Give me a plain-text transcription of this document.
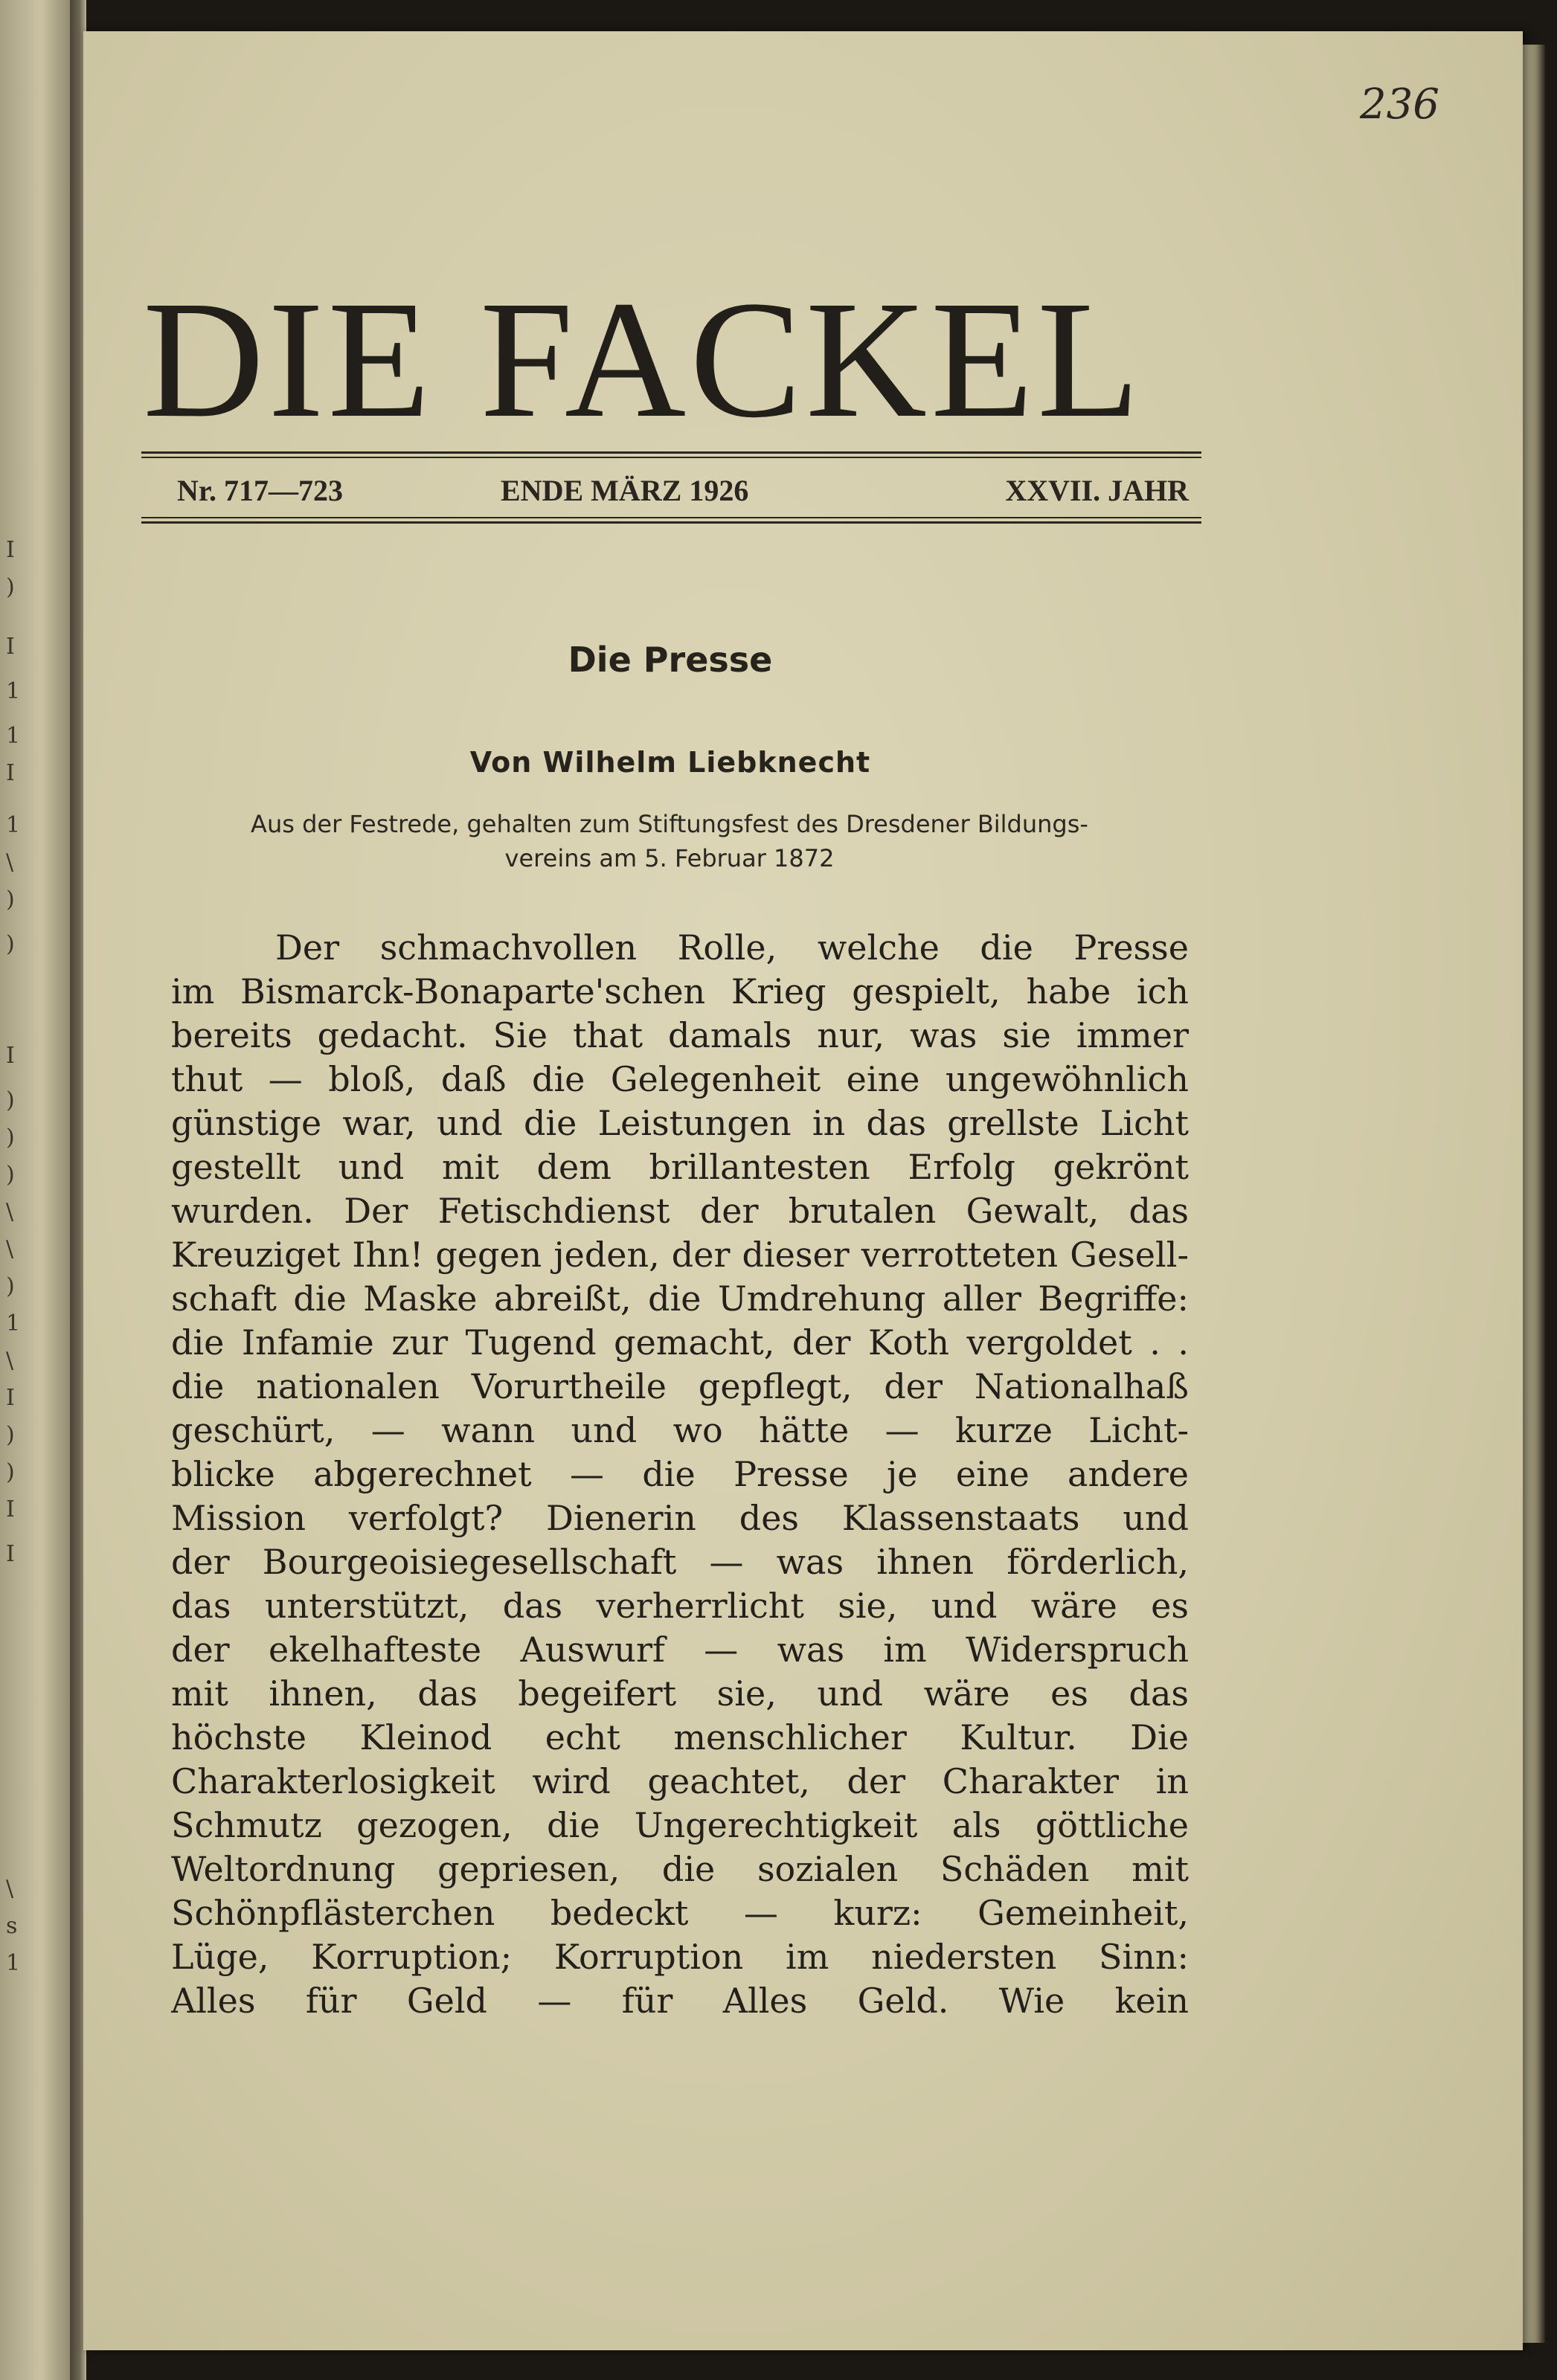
I
)
I
1
1
I
1
\
)
)
I
)
)
)
\
\
)
1
\
I
)
)
I
I
\
s
1
236
DIE FACKEL
Nr. 717—723	ENDE MÄRZ 1926	XXVII. JAHR
Die Presse
Von Wilhelm Liebknecht
Aus der Festrede, gehalten zum Stiftungsfest des Dresdener Bildungs-
vereins am 5. Februar 1872
Der schmachvollen Rolle, welche die Presse
im Bismarck-Bonaparte'schen Krieg gespielt, habe ich
bereits gedacht. Sie that damals nur, was sie immer
thut — bloß, daß die Gelegenheit eine ungewöhnlich
günstige war, und die Leistungen in das grellste Licht
gestellt und mit dem brillantesten Erfolg gekrönt
wurden. Der Fetischdienst der brutalen Gewalt, das
Kreuziget Ihn! gegen jeden, der dieser verrotteten Gesell-
schaft die Maske abreißt, die Umdrehung aller Begriffe:
die Infamie zur Tugend gemacht, der Koth vergoldet . .
die nationalen Vorurtheile gepflegt, der Nationalhaß
geschürt, — wann und wo hätte — kurze Licht-
blicke abgerechnet — die Presse je eine andere
Mission verfolgt? Dienerin des Klassenstaats und
der Bourgeoisiegesellschaft — was ihnen förderlich,
das unterstützt, das verherrlicht sie, und wäre es
der ekelhafteste Auswurf — was im Widerspruch
mit ihnen, das begeifert sie, und wäre es das
höchste Kleinod echt menschlicher Kultur. Die
Charakterlosigkeit wird geachtet, der Charakter in
Schmutz gezogen, die Ungerechtigkeit als göttliche
Weltordnung gepriesen, die sozialen Schäden mit
Schönpflästerchen bedeckt — kurz: Gemeinheit,
Lüge, Korruption; Korruption im niedersten Sinn:
Alles für Geld — für Alles Geld. Wie kein
